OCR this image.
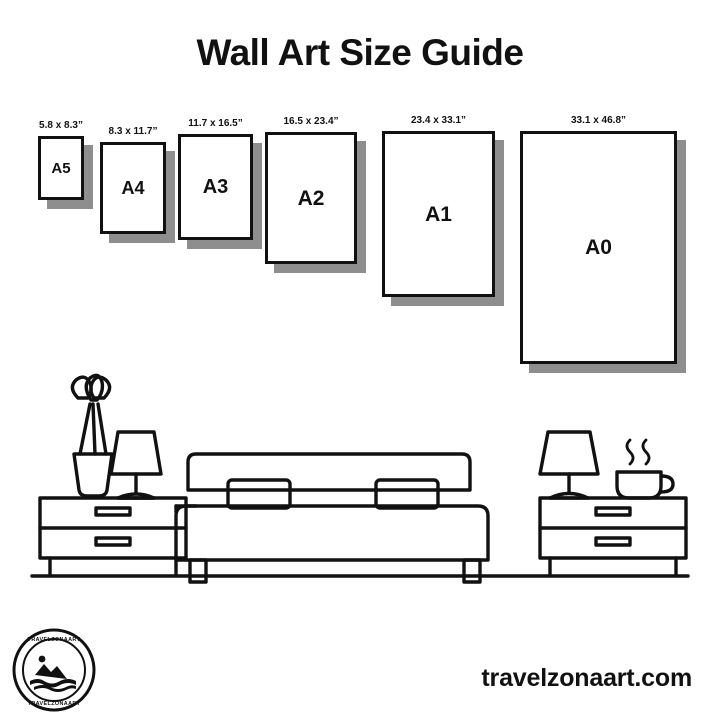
Wall Art Size Guide
5.8 x 8.3”
A5
8.3 x 11.7”
A4
11.7 x 16.5”
A3
16.5 x 23.4”
A2
23.4 x 33.1”
A1
33.1 x 46.8”
A0
TRAVELZONAART
TRAVELZONAART
travelzonaart.com
